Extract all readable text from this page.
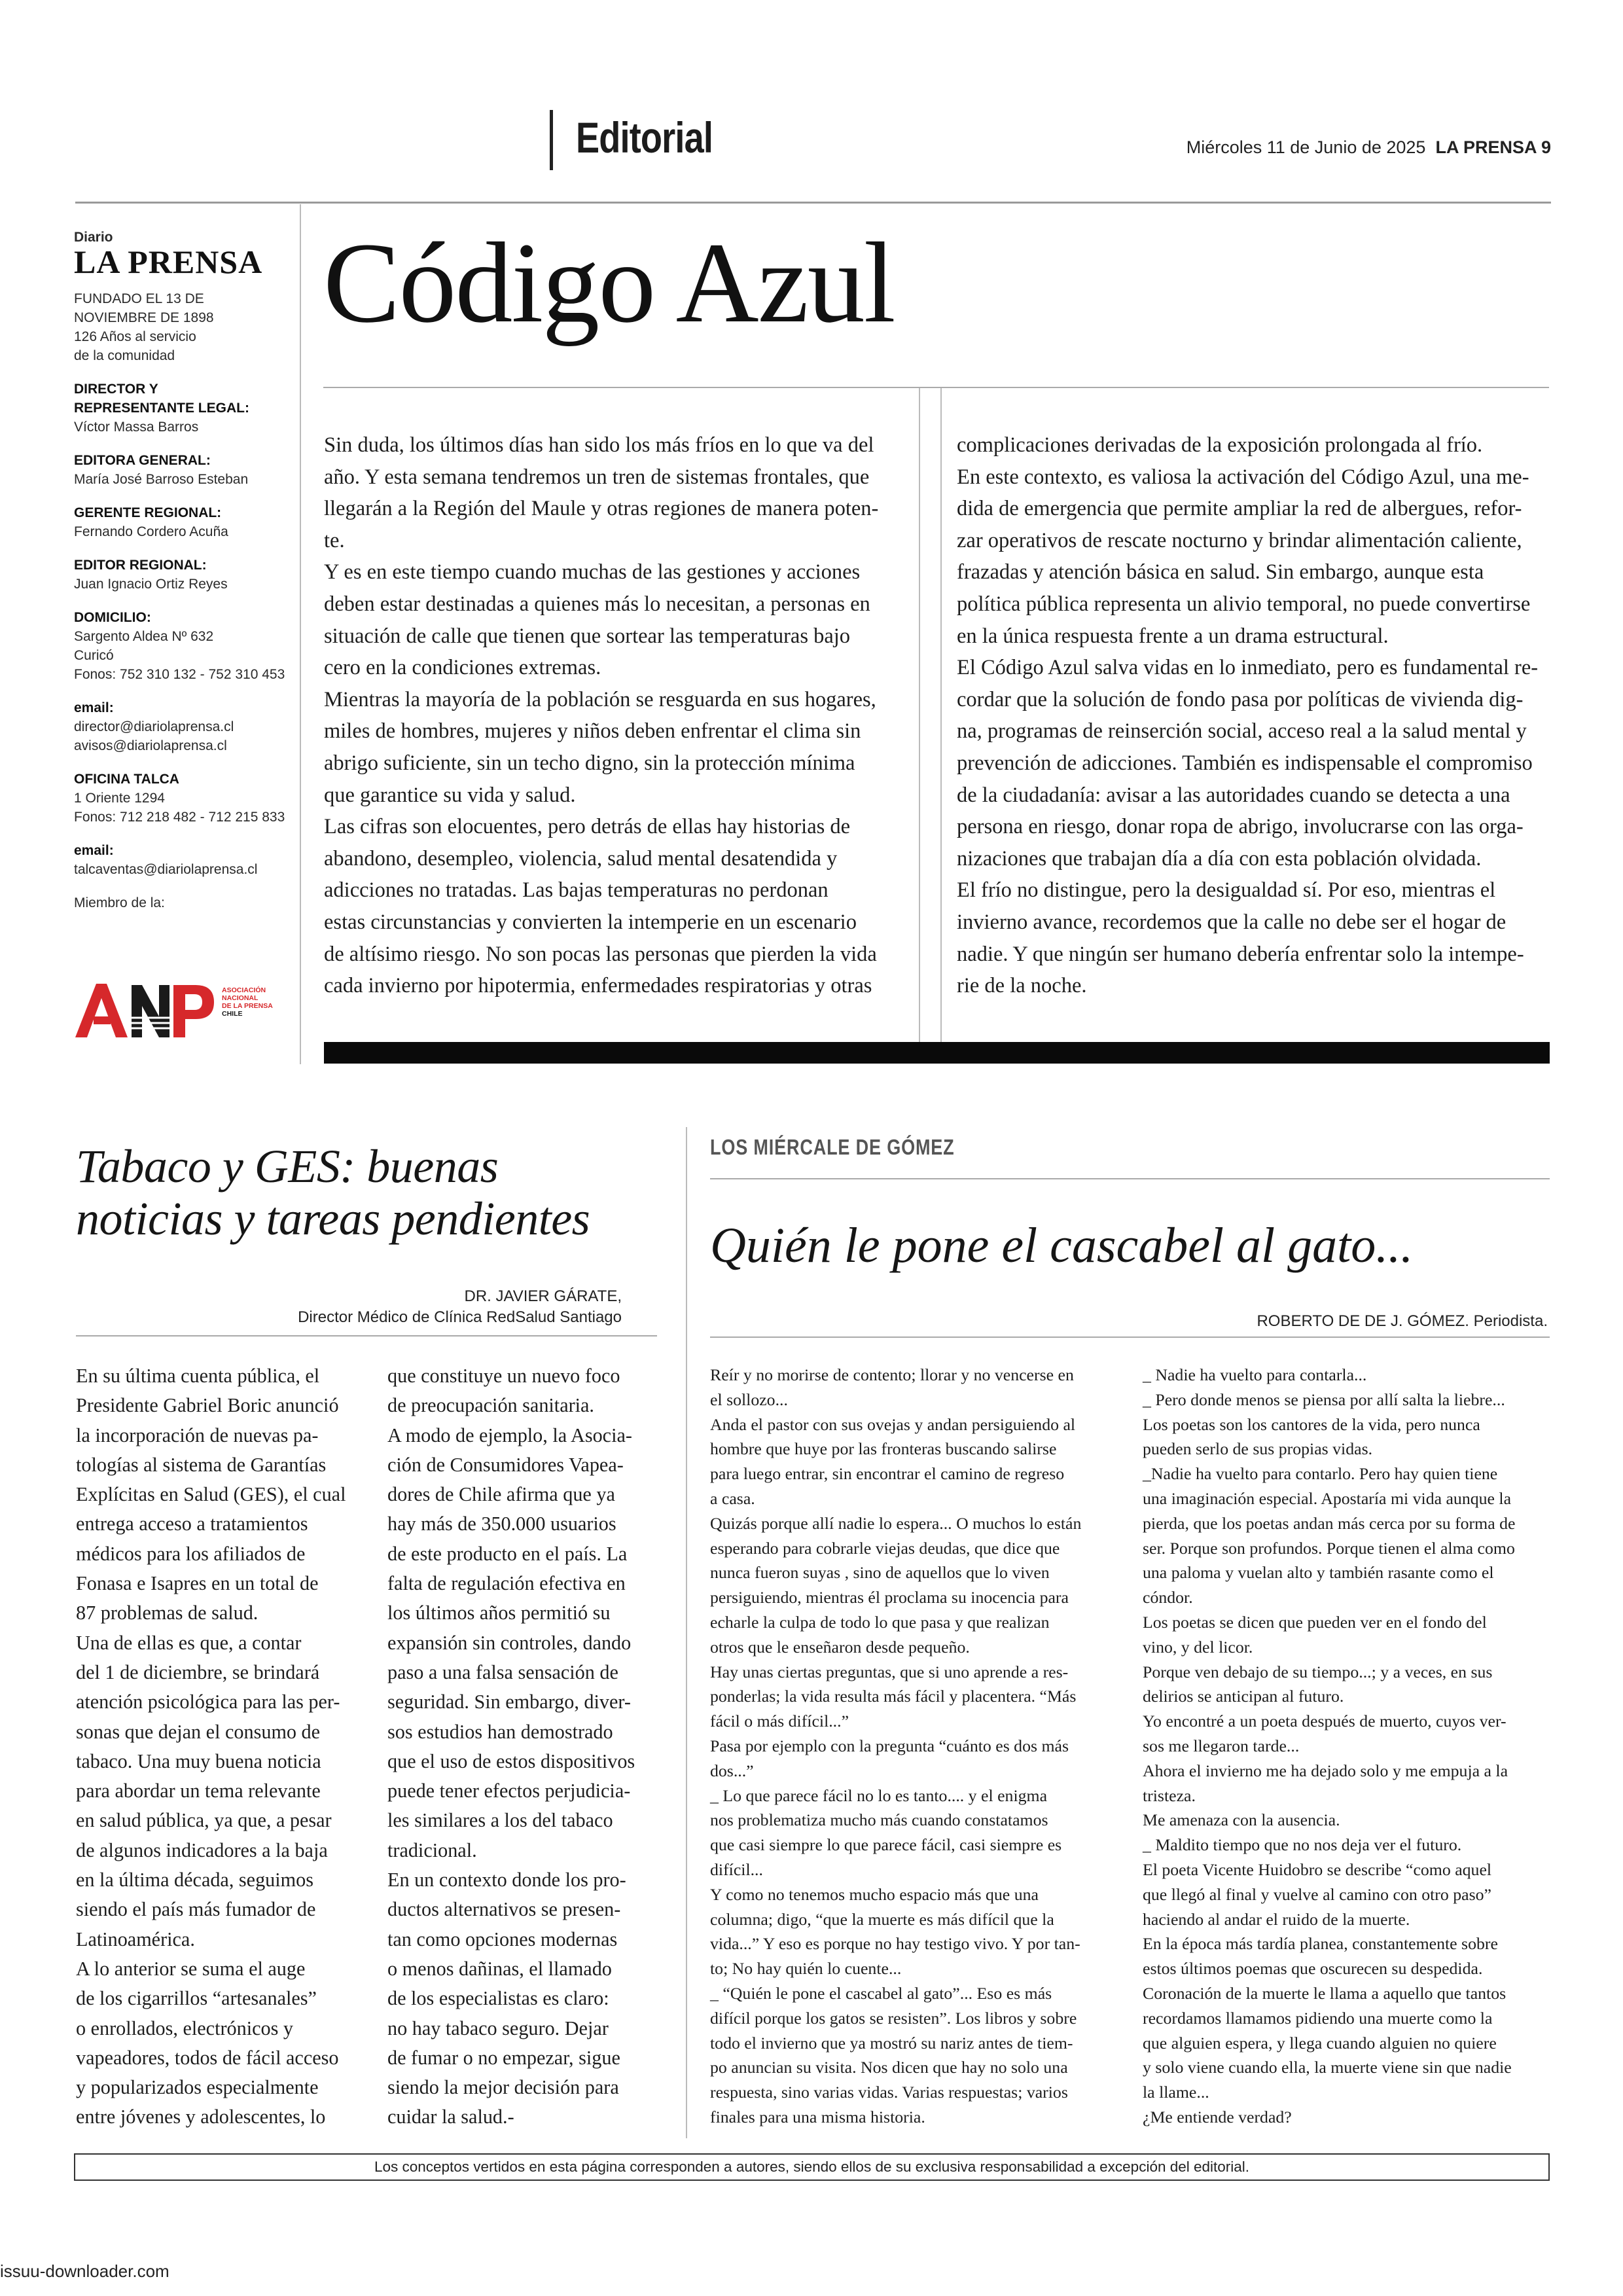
Editorial	Miércoles 11 de Junio de 2025 LA PRENSA 9
Diario
LA PRENSA
FUNDADO EL 13 DE
NOVIEMBRE DE 1898
126 Años al servicio
de la comunidad
DIRECTOR Y
REPRESENTANTE LEGAL:
Víctor Massa Barros
EDITORA GENERAL:
María José Barroso Esteban
GERENTE REGIONAL:
Fernando Cordero Acuña
EDITOR REGIONAL:
Juan Ignacio Ortiz Reyes
DOMICILIO:
Sargento Aldea Nº 632
Curicó
Fonos: 752 310 132 - 752 310 453
email:
director@diariolaprensa.cl
avisos@diariolaprensa.cl
OFICINA TALCA
1 Oriente 1294
Fonos: 712 218 482 - 712 215 833
email:
talcaventas@diariolaprensa.cl
Miembro de la:
ASOCIACIÓN
NACIONAL
DE LA PRENSA
CHILE
Código Azul
Sin duda, los últimos días han sido los más fríos en lo que va del
año. Y esta semana tendremos un tren de sistemas frontales, que
llegarán a la Región del Maule y otras regiones de manera poten-
te.
Y es en este tiempo cuando muchas de las gestiones y acciones
deben estar destinadas a quienes más lo necesitan, a personas en
situación de calle que tienen que sortear las temperaturas bajo
cero en la condiciones extremas.
Mientras la mayoría de la población se resguarda en sus hogares,
miles de hombres, mujeres y niños deben enfrentar el clima sin
abrigo suficiente, sin un techo digno, sin la protección mínima
que garantice su vida y salud.
Las cifras son elocuentes, pero detrás de ellas hay historias de
abandono, desempleo, violencia, salud mental desatendida y
adicciones no tratadas. Las bajas temperaturas no perdonan
estas circunstancias y convierten la intemperie en un escenario
de altísimo riesgo. No son pocas las personas que pierden la vida
cada invierno por hipotermia, enfermedades respiratorias y otras
complicaciones derivadas de la exposición prolongada al frío.
En este contexto, es valiosa la activación del Código Azul, una me-
dida de emergencia que permite ampliar la red de albergues, refor-
zar operativos de rescate nocturno y brindar alimentación caliente,
frazadas y atención básica en salud. Sin embargo, aunque esta
política pública representa un alivio temporal, no puede convertirse
en la única respuesta frente a un drama estructural.
El Código Azul salva vidas en lo inmediato, pero es fundamental re-
cordar que la solución de fondo pasa por políticas de vivienda dig-
na, programas de reinserción social, acceso real a la salud mental y
prevención de adicciones. También es indispensable el compromiso
de la ciudadanía: avisar a las autoridades cuando se detecta a una
persona en riesgo, donar ropa de abrigo, involucrarse con las orga-
nizaciones que trabajan día a día con esta población olvidada.
El frío no distingue, pero la desigualdad sí. Por eso, mientras el
invierno avance, recordemos que la calle no debe ser el hogar de
nadie. Y que ningún ser humano debería enfrentar solo la intempe-
rie de la noche.
Tabaco y GES: buenas
noticias y tareas pendientes
DR. JAVIER GÁRATE,
Director Médico de Clínica RedSalud Santiago
En su última cuenta pública, el
Presidente Gabriel Boric anunció
la incorporación de nuevas pa-
tologías al sistema de Garantías
Explícitas en Salud (GES), el cual
entrega acceso a tratamientos
médicos para los afiliados de
Fonasa e Isapres en un total de
87 problemas de salud.
Una de ellas es que, a contar
del 1 de diciembre, se brindará
atención psicológica para las per-
sonas que dejan el consumo de
tabaco. Una muy buena noticia
para abordar un tema relevante
en salud pública, ya que, a pesar
de algunos indicadores a la baja
en la última década, seguimos
siendo el país más fumador de
Latinoamérica.
A lo anterior se suma el auge
de los cigarrillos “artesanales”
o enrollados, electrónicos y
vapeadores, todos de fácil acceso
y popularizados especialmente
entre jóvenes y adolescentes, lo
que constituye un nuevo foco
de preocupación sanitaria.
A modo de ejemplo, la Asocia-
ción de Consumidores Vapea-
dores de Chile afirma que ya
hay más de 350.000 usuarios
de este producto en el país. La
falta de regulación efectiva en
los últimos años permitió su
expansión sin controles, dando
paso a una falsa sensación de
seguridad. Sin embargo, diver-
sos estudios han demostrado
que el uso de estos dispositivos
puede tener efectos perjudicia-
les similares a los del tabaco
tradicional.
En un contexto donde los pro-
ductos alternativos se presen-
tan como opciones modernas
o menos dañinas, el llamado
de los especialistas es claro:
no hay tabaco seguro. Dejar
de fumar o no empezar, sigue
siendo la mejor decisión para
cuidar la salud.-
LOS MIÉRCALE DE GÓMEZ
Quién le pone el cascabel al gato...
ROBERTO DE DE J. GÓMEZ. Periodista.
Reír y no morirse de contento; llorar y no vencerse en
el sollozo...
Anda el pastor con sus ovejas y andan persiguiendo al
hombre que huye por las fronteras buscando salirse
para luego entrar, sin encontrar el camino de regreso
a casa.
Quizás porque allí nadie lo espera... O muchos lo están
esperando para cobrarle viejas deudas, que dice que
nunca fueron suyas , sino de aquellos que lo viven
persiguiendo, mientras él proclama su inocencia para
echarle la culpa de todo lo que pasa y que realizan
otros que le enseñaron desde pequeño.
Hay unas ciertas preguntas, que si uno aprende a res-
ponderlas; la vida resulta más fácil y placentera. “Más
fácil o más difícil...”
Pasa por ejemplo con la pregunta “cuánto es dos más
dos...”
_ Lo que parece fácil no lo es tanto.... y el enigma
nos problematiza mucho más cuando constatamos
que casi siempre lo que parece fácil, casi siempre es
difícil...
Y como no tenemos mucho espacio más que una
columna; digo, “que la muerte es más difícil que la
vida...” Y eso es porque no hay testigo vivo. Y por tan-
to; No hay quién lo cuente...
_ “Quién le pone el cascabel al gato”... Eso es más
difícil porque los gatos se resisten”. Los libros y sobre
todo el invierno que ya mostró su nariz antes de tiem-
po anuncian su visita. Nos dicen que hay no solo una
respuesta, sino varias vidas. Varias respuestas; varios
finales para una misma historia.
_ Nadie ha vuelto para contarla...
_ Pero donde menos se piensa por allí salta la liebre...
Los poetas son los cantores de la vida, pero nunca
pueden serlo de sus propias vidas.
_Nadie ha vuelto para contarlo. Pero hay quien tiene
una imaginación especial. Apostaría mi vida aunque la
pierda, que los poetas andan más cerca por su forma de
ser. Porque son profundos. Porque tienen el alma como
una paloma y vuelan alto y también rasante como el
cóndor.
Los poetas se dicen que pueden ver en el fondo del
vino, y del licor.
Porque ven debajo de su tiempo...; y a veces, en sus
delirios se anticipan al futuro.
Yo encontré a un poeta después de muerto, cuyos ver-
sos me llegaron tarde...
Ahora el invierno me ha dejado solo y me empuja a la
tristeza.
Me amenaza con la ausencia.
_ Maldito tiempo que no nos deja ver el futuro.
El poeta Vicente Huidobro se describe “como aquel
que llegó al final y vuelve al camino con otro paso”
haciendo al andar el ruido de la muerte.
En la época más tardía planea, constantemente sobre
estos últimos poemas que oscurecen su despedida.
Coronación de la muerte le llama a aquello que tantos
recordamos llamamos pidiendo una muerte como la
que alguien espera, y llega cuando alguien no quiere
y solo viene cuando ella, la muerte viene sin que nadie
la llame...
¿Me entiende verdad?
Los conceptos vertidos en esta página corresponden a autores, siendo ellos de su exclusiva responsabilidad a excepción del editorial.
issuu-downloader.com
